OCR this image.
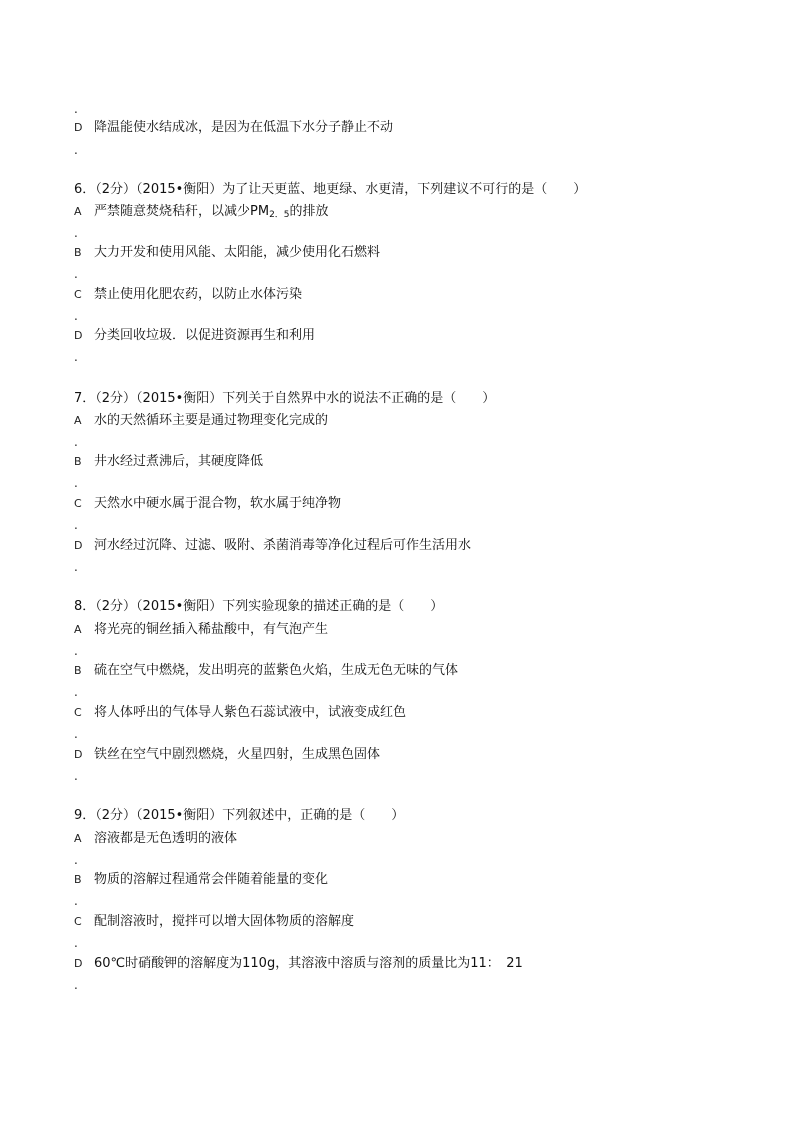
.
D 降温能使水结成冰，是因为在低温下水分子静止不动
.
6．（2分）（2015•衡阳）为了让天更蓝、地更绿、水更清，下列建议不可行的是（　　）
A 严禁随意焚烧秸秆，以减少$PM_{2.5}$的排放
.
B 大力开发和使用风能、太阳能，减少使用化石燃料
.
C 禁止使用化肥农药，以防止水体污染
.
D 分类回收垃圾．以促进资源再生和利用
.
7．（2分）（2015•衡阳）下列关于自然界中水的说法不正确的是（　　）
A 水的天然循环主要是通过物理变化完成的
.
B 井水经过煮沸后，其硬度降低
.
C 天然水中硬水属于混合物，软水属于纯净物
.
D 河水经过沉降、过滤、吸附、杀菌消毒等净化过程后可作生活用水
.
8．（2分）（2015•衡阳）下列实验现象的描述正确的是（　　）
A 将光亮的铜丝插入稀盐酸中，有气泡产生
.
B 硫在空气中燃烧，发出明亮的蓝紫色火焰，生成无色无味的气体
.
C 将人体呼出的气体导人紫色石蕊试液中，试液变成红色
.
D 铁丝在空气中剧烈燃烧，火星四射，生成黑色固体
.
9．（2分）（2015•衡阳）下列叙述中，正确的是（　　）
A 溶液都是无色透明的液体
.
B 物质的溶解过程通常会伴随着能量的变化
.
C 配制溶液时，搅拌可以增大固体物质的溶解度
.
D 60℃时硝酸钾的溶解度为110g，其溶液中溶质与溶剂的质量比为11：　21
.
